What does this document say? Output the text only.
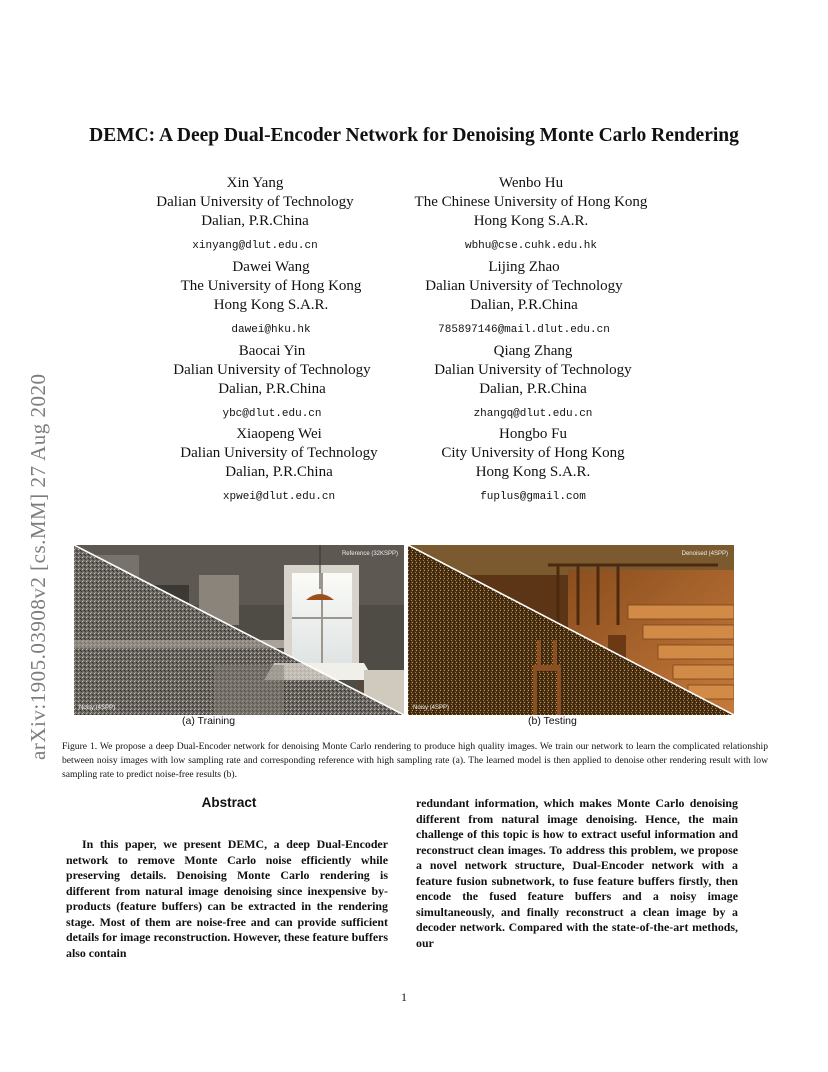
arXiv:1905.03908v2 [cs.MM] 27 Aug 2020
DEMC: A Deep Dual-Encoder Network for Denoising Monte Carlo Rendering
Xin Yang
Dalian University of Technology
Dalian, P.R.China
xinyang@dlut.edu.cn
Wenbo Hu
The Chinese University of Hong Kong
Hong Kong S.A.R.
wbhu@cse.cuhk.edu.hk
Dawei Wang
The University of Hong Kong
Hong Kong S.A.R.
dawei@hku.hk
Lijing Zhao
Dalian University of Technology
Dalian, P.R.China
785897146@mail.dlut.edu.cn
Baocai Yin
Dalian University of Technology
Dalian, P.R.China
ybc@dlut.edu.cn
Qiang Zhang
Dalian University of Technology
Dalian, P.R.China
zhangq@dlut.edu.cn
Xiaopeng Wei
Dalian University of Technology
Dalian, P.R.China
xpwei@dlut.edu.cn
Hongbo Fu
City University of Hong Kong
Hong Kong S.A.R.
fuplus@gmail.com
Reference (32KSPP)
Noisy (4SPP)
(a) Training
Denoised (4SPP)
Noisy (4SPP)
(b) Testing
Figure 1. We propose a deep Dual-Encoder network for denoising Monte Carlo rendering to produce high quality images. We train our network to learn the complicated relationship between noisy images with low sampling rate and corresponding reference with high sampling rate (a). The learned model is then applied to denoise other rendering result with low sampling rate to predict noise-free results (b).
Abstract
In this paper, we present DEMC, a deep Dual-Encoder network to remove Monte Carlo noise efficiently while preserving details. Denoising Monte Carlo rendering is different from natural image denoising since inexpensive by-products (feature buffers) can be extracted in the rendering stage. Most of them are noise-free and can provide sufficient details for image reconstruction. However, these feature buffers also contain
redundant information, which makes Monte Carlo denoising different from natural image denoising. Hence, the main challenge of this topic is how to extract useful information and reconstruct clean images. To address this problem, we propose a novel network structure, Dual-Encoder network with a feature fusion subnetwork, to fuse feature buffers firstly, then encode the fused feature buffers and a noisy image simultaneously, and finally reconstruct a clean image by a decoder network. Compared with the state-of-the-art methods, our
1
